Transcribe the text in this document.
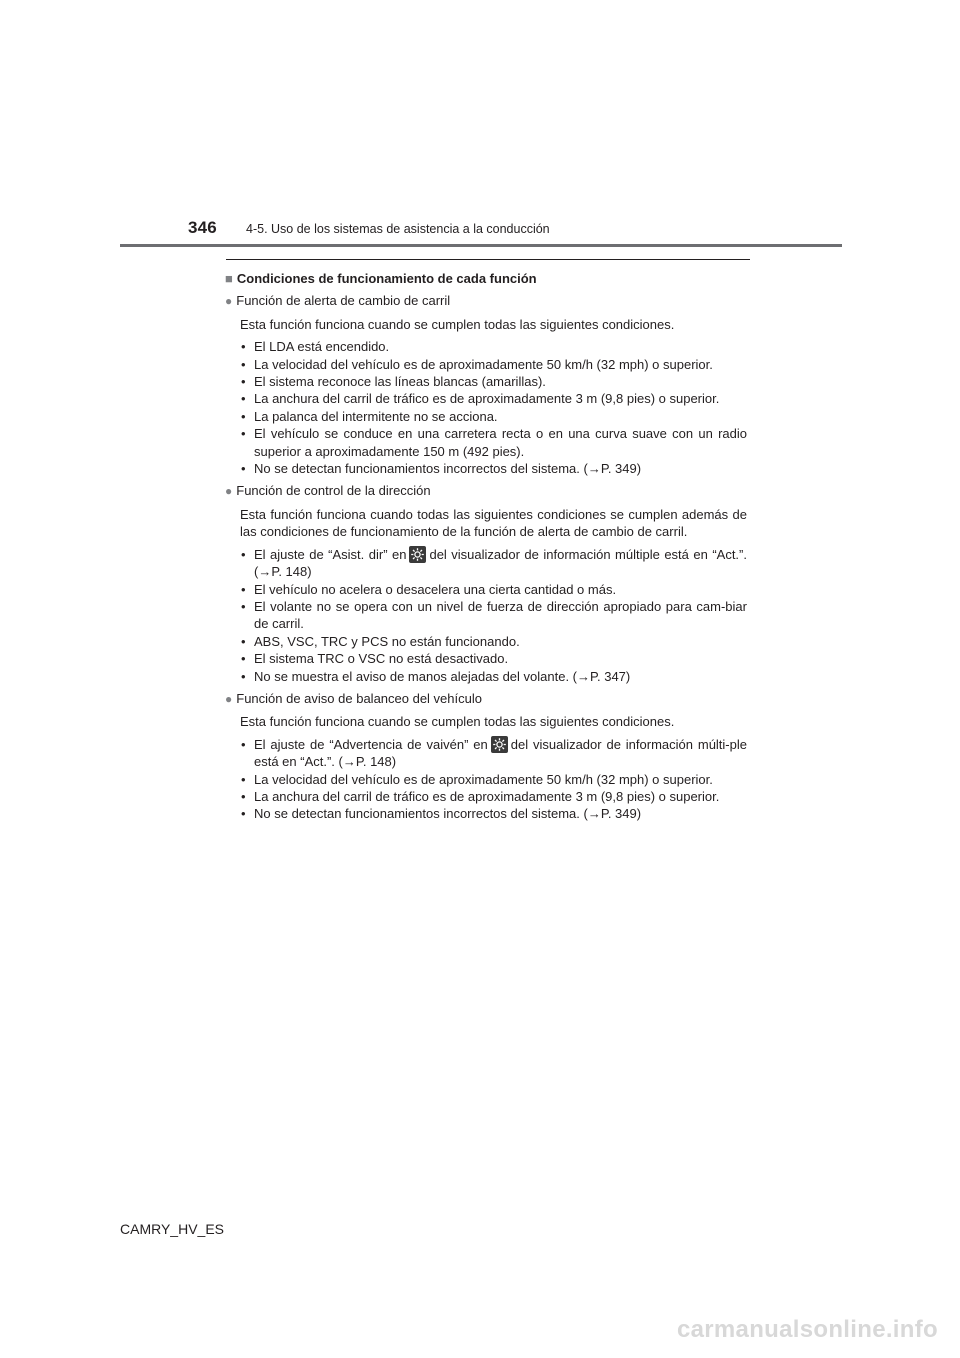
346 4-5. Uso de los sistemas de asistencia a la conducción
■ Condiciones de funcionamiento de cada función
● Función de alerta de cambio de carril
Esta función funciona cuando se cumplen todas las siguientes condiciones.
• El LDA está encendido.
• La velocidad del vehículo es de aproximadamente 50 km/h (32 mph) o superior.
• El sistema reconoce las líneas blancas (amarillas).
• La anchura del carril de tráfico es de aproximadamente 3 m (9,8 pies) o superior.
• La palanca del intermitente no se acciona.
• El vehículo se conduce en una carretera recta o en una curva suave con un radio superior a aproximadamente 150 m (492 pies).
• No se detectan funcionamientos incorrectos del sistema. (→P. 349)
● Función de control de la dirección
Esta función funciona cuando todas las siguientes condiciones se cumplen además de las condiciones de funcionamiento de la función de alerta de cambio de carril.
• El ajuste de “Asist. dir” en del visualizador de información múltiple está en “Act.”. (→P. 148)
• El vehículo no acelera o desacelera una cierta cantidad o más.
• El volante no se opera con un nivel de fuerza de dirección apropiado para cam-biar de carril.
• ABS, VSC, TRC y PCS no están funcionando.
• El sistema TRC o VSC no está desactivado.
• No se muestra el aviso de manos alejadas del volante. (→P. 347)
● Función de aviso de balanceo del vehículo
Esta función funciona cuando se cumplen todas las siguientes condiciones.
• El ajuste de “Advertencia de vaivén” en del visualizador de información múlti-ple está en “Act.”. (→P. 148)
• La velocidad del vehículo es de aproximadamente 50 km/h (32 mph) o superior.
• La anchura del carril de tráfico es de aproximadamente 3 m (9,8 pies) o superior.
• No se detectan funcionamientos incorrectos del sistema. (→P. 349)
CAMRY_HV_ES
carmanualsonline.info
